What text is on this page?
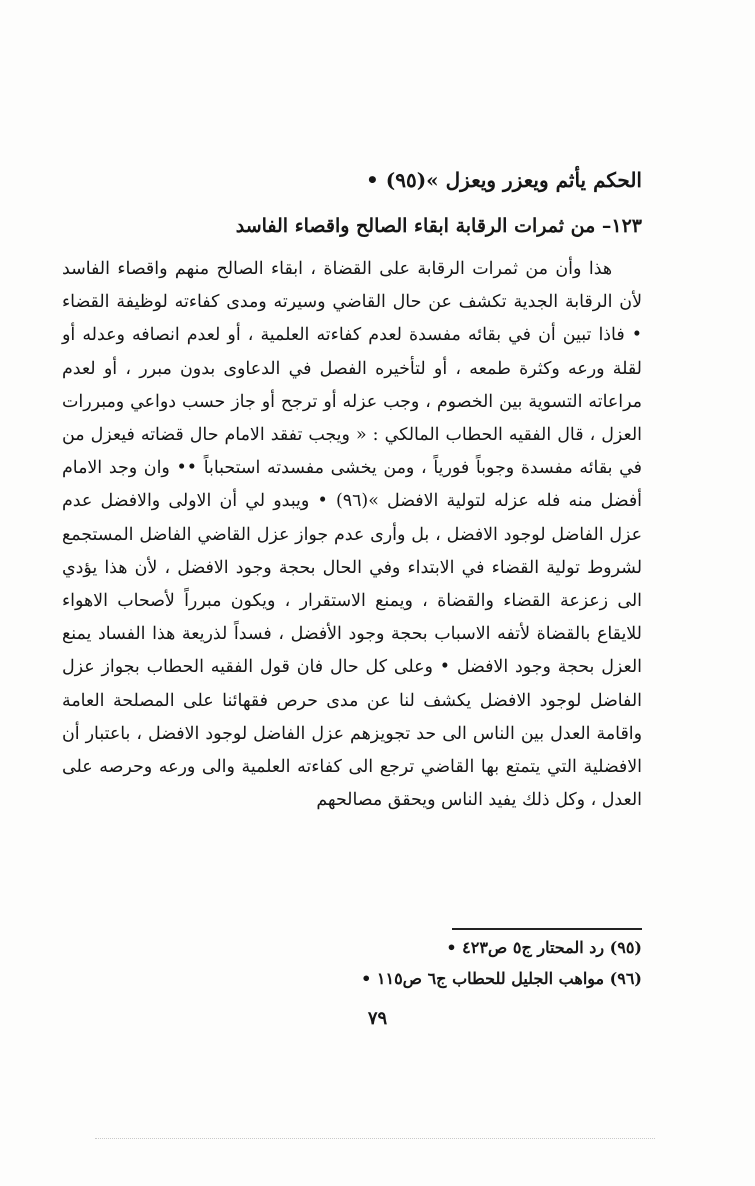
الحكم يأثم ويعزر ويعزل »(٩٥) •
١٢٣– من ثمرات الرقابة ابقاء الصالح واقصاء الفاسد

هذا وأن من ثمرات الرقابة على القضاة ، ابقاء الصالح منهم واقصاء الفاسد لأن الرقابة الجدية تكشف عن حال القاضي وسيرته ومدى كفاءته لوظيفة القضاء • فاذا تبين أن في بقائه مفسدة لعدم كفاءته العلمية ، أو لعدم انصافه وعدله أو لقلة ورعه وكثرة طمعه ، أو لتأخيره الفصل في الدعاوى بدون مبرر ، أو لعدم مراعاته التسوية بين الخصوم ، وجب عزله أو ترجح أو جاز حسب دواعي ومبررات العزل ، قال الفقيه الحطاب المالكي : « ويجب تفقد الامام حال قضاته فيعزل من في بقائه مفسدة وجوباً فورياً ، ومن يخشى مفسدته استحباباً •• وان وجد الامام أفضل منه فله عزله لتولية الافضل »(٩٦) • ويبدو لي أن الاولى والافضل عدم عزل الفاضل لوجود الافضل ، بل وأرى عدم جواز عزل القاضي الفاضل المستجمع لشروط تولية القضاء في الابتداء وفي الحال بحجة وجود الافضل ، لأن هذا يؤدي الى زعزعة القضاء والقضاة ، ويمنع الاستقرار ، ويكون مبرراً لأصحاب الاهواء للايقاع بالقضاة لأتفه الاسباب بحجة وجود الأفضل ، فسداً لذريعة هذا الفساد يمنع العزل بحجة وجود الافضل • وعلى كل حال فان قول الفقيه الحطاب بجواز عزل الفاضل لوجود الافضل يكشف لنا عن مدى حرص فقهائنا على المصلحة العامة واقامة العدل بين الناس الى حد تجويزهم عزل الفاضل لوجود الافضل ، باعتبار أن الافضلية التي يتمتع بها القاضي ترجع الى كفاءته العلمية والى ورعه وحرصه على العدل ، وكل ذلك يفيد الناس ويحقق مصالحهم

(٩٥) رد المحتار ج٥ ص٤٢٣ •
(٩٦) مواهب الجليل للحطاب ج٦ ص١١٥ •
٧٩
